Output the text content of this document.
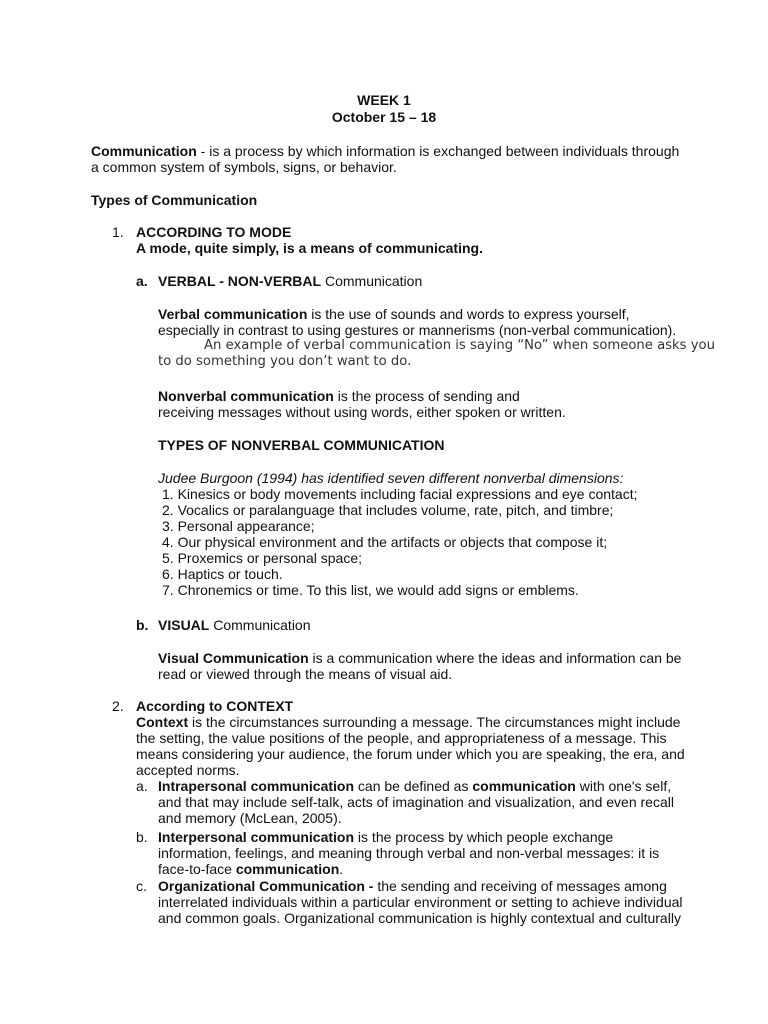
WEEK 1
October 15 – 18
Communication - is a process by which information is exchanged between individuals through
a common system of symbols, signs, or behavior.
Types of Communication
1. ACCORDING TO MODE
A mode, quite simply, is a means of communicating.
a. VERBAL - NON-VERBAL Communication
Verbal communication is the use of sounds and words to express yourself,
especially in contrast to using gestures or mannerisms (non-verbal communication).
An example of verbal communication is saying “No” when someone asks you
to do something you don’t want to do.
Nonverbal communication is the process of sending and
receiving messages without using words, either spoken or written.
TYPES OF NONVERBAL COMMUNICATION
Judee Burgoon (1994) has identified seven different nonverbal dimensions:
1. Kinesics or body movements including facial expressions and eye contact;
2. Vocalics or paralanguage that includes volume, rate, pitch, and timbre;
3. Personal appearance;
4. Our physical environment and the artifacts or objects that compose it;
5. Proxemics or personal space;
6. Haptics or touch.
7. Chronemics or time. To this list, we would add signs or emblems.
b. VISUAL Communication
Visual Communication is a communication where the ideas and information can be
read or viewed through the means of visual aid.
2. According to CONTEXT
Context is the circumstances surrounding a message. The circumstances might include
the setting, the value positions of the people, and appropriateness of a message. This
means considering your audience, the forum under which you are speaking, the era, and
accepted norms.
a. Intrapersonal communication can be defined as communication with one's self,
and that may include self-talk, acts of imagination and visualization, and even recall
and memory (McLean, 2005).
b. Interpersonal communication is the process by which people exchange
information, feelings, and meaning through verbal and non-verbal messages: it is
face-to-face communication.
c. Organizational Communication - the sending and receiving of messages among
interrelated individuals within a particular environment or setting to achieve individual
and common goals. Organizational communication is highly contextual and culturally
